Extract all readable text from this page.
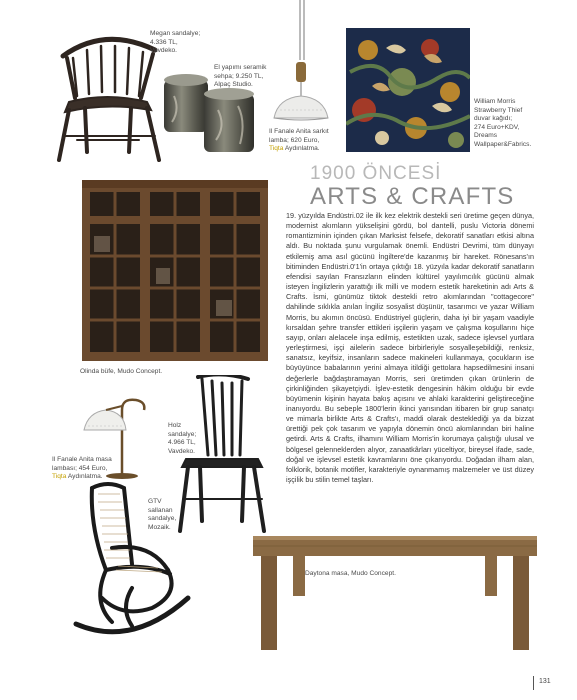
Megan sandalye;
4.336 TL,
Vavdeko.
El yapımı seramik
sehpa; 9.250 TL,
Alpaç Studio.
Il Fanale Anita sarkıt
lamba; 620 Euro,
Tiqta Aydınlatma.
William Morris
Strawberry Thief
duvar kağıdı;
274 Euro+KDV,
Dreams
Wallpaper&Fabrics.
Olinda büfe, Mudo Concept.
Holz
sandalye;
4.966 TL,
Vavdeko.
Il Fanale Anita masa
lambası; 454 Euro,
Tiqta Aydınlatma.
GTV
sallanan
sandalye,
Mozaik.
Daytona masa, Mudo Concept.
1900 ÖNCESİ
ARTS & CRAFTS

19. yüzyılda Endüstri.02 ile ilk kez elektrik destekli seri üretime geçen dünya, modernist akımların yükselişini gördü, bol dantelli, puslu Victoria dönemi romantizminin içinden çıkan Marksist felsefe, dekoratif sanatları etkisi altına aldı. Bu noktada şunu vurgulamak önemli. Endüstri Devrimi, tüm dünyayı etkilemiş ama asıl gücünü İngiltere'de kazanmış bir hareket. Rönesans'ın bitiminden Endüstri.0'1'in ortaya çıktığı 18. yüzyıla kadar dekoratif sanatların efendisi sayılan Fransızların elinden kültürel yayılımcılık gücünü almak isteyen İngilizlerin yarattığı ilk milli ve modern estetik hareketinin adı Arts & Crafts. İsmi, günümüz tiktok destekli retro akımlarından "cottagecore" dahilinde sıklıkla anılan İngiliz sosyalist düşünür, tasarımcı ve yazar William Morris, bu akımın öncüsü. Endüstriyel güçlerin, daha iyi bir yaşam vaadiyle kırsaldan şehre transfer ettikleri işçilerin yaşam ve çalışma koşullarını hiçe sayıp, onları alelacele inşa edilmiş, estetikten uzak, sadece işlevsel yurtlara yerleştirmesi, işçi ailelerin sadece birbirleriyle sosyalleşebildiği, renksiz, sanatsız, keyifsiz, insanların sadece makineleri kullanmaya, çocukların ise büyüyünce babalarının yerini almaya itildiği gettolara hapsedilmesini insani değerlerle bağdaştıramayan Morris, seri üretimden çıkan ürünlerin de çirkinliğinden şikayetçiydi. İşlev-estetik dengesinin hâkim olduğu bir evde büyümenin kişinin hayata bakış açısını ve ahlaki karakterini geliştireceğine inanıyordu. Bu sebeple 1800'lerin ikinci yarısından itibaren bir grup sanatçı ve mimarla birlikte Arts & Crafts'ı, maddi olarak desteklediği ya da bizzat ürettiği pek çok tasarım ve yapıyla dönemin öncü akımlarından biri haline getirdi. Arts & Crafts, ilhamını William Morris'in korumaya çalıştığı ulusal ve bölgesel gelenneklerden alıyor, zanaatkârları yüceltiyor, bireysel ifade, sade, doğal ve işlevsel estetik kavramlarını öne çıkarıyordu. Doğadan ilham alan, folklorik, botanik motifler, karakteriyle oynanmamış malzemeler ve üst düzey işçilik bu stilin temel taşları.

131
